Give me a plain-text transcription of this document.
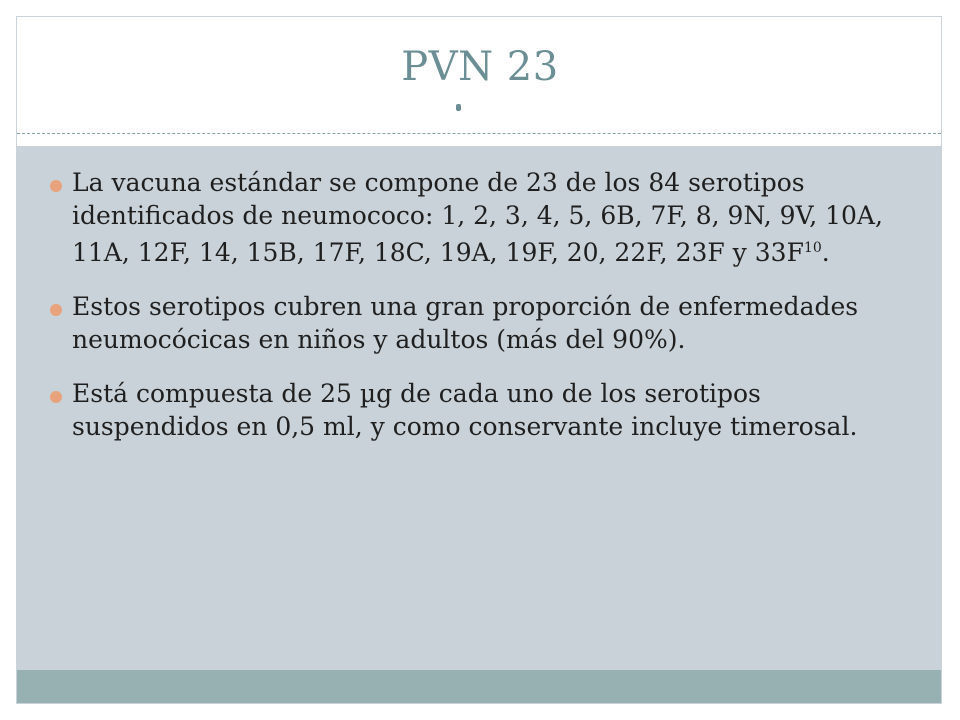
PVN 23
La vacuna estándar se compone de 23 de los 84 serotipos identificados de neumococo: 1, 2, 3, 4, 5, 6B, 7F, 8, 9N, 9V, 10A, 11A, 12F, 14, 15B, 17F, 18C, 19A, 19F, 20, 22F, 23F y $33F^{10}$.
Estos serotipos cubren una gran proporción de enfermedades neumocócicas en niños y adultos (más del 90%).
Está compuesta de 25 µg de cada uno de los serotipos suspendidos en 0,5 ml, y como conservante incluye timerosal.
